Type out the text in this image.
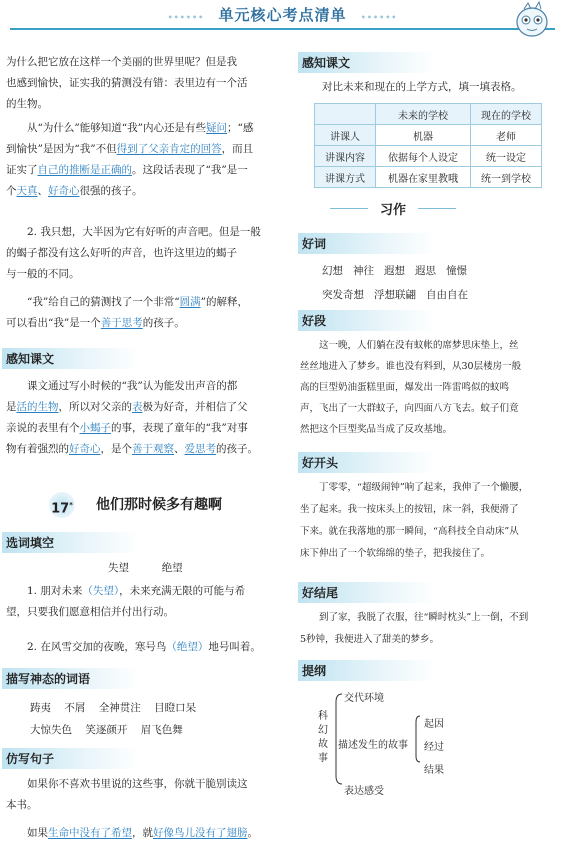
•••••• 单元核心考点清单 ••••••
为什么把它放在这样一个美丽的世界里呢？但是我
也感到愉快，证实我的猜测没有错：表里边有一个活
的生物。
从“为什么”能够知道“我”内心还是有些疑问；“感
到愉快”是因为“我”不但得到了父亲肯定的回答，而且
证实了自己的推断是正确的。这段话表现了“我”是一
个天真、好奇心很强的孩子。
2. 我只想，大半因为它有好听的声音吧。但是一般
的蝎子都没有这么好听的声音，也许这里边的蝎子
与一般的不同。
“我”给自己的猜测找了一个非常“圆满”的解释，
可以看出“我”是一个善于思考的孩子。
感知课文
课文通过写小时候的“我”认为能发出声音的都
是活的生物，所以对父亲的表极为好奇，并相信了父
亲说的表里有个小蝎子的事，表现了童年的“我”对事
物有着强烈的好奇心，是个善于观察、爱思考的孩子。
17* 他们那时候多有趣啊
选词填空
失望	绝望
1. 朋对未来（失望），未来充满无限的可能与希
望，只要我们愿意相信并付出行动。
2. 在风雪交加的夜晚，寒号鸟（绝望）地号叫着。
描写神态的词语
踌夷 不屑 全神贯注 目瞪口呆
大惊失色 笑逐颜开 眉飞色舞
仿写句子
如果你不喜欢书里说的这些事，你就干脆别读这
本书。
如果生命中没有了希望，就好像鸟儿没有了翅膀。
感知课文
对比未来和现在的上学方式，填一填表格。
	未来的学校	现在的学校
讲课人	机器	老师
讲课内容	依据每个人设定	统一设定
讲课方式	机器在家里教哦	统一到学校
习作
好词
幻想 神往 遐想 遐思 憧憬
突发奇想 浮想联翩 自由自在
好段
这一晚，人们躺在没有蚊帐的席梦思床垫上，丝
丝丝地进入了梦乡。谁也没有料到，从30层楼房一般
高的巨型奶油蛋糕里面，爆发出一阵雷鸣似的蚊鸣
声，飞出了一大群蚊子，向四面八方飞去。蚊子们竟
然把这个巨型奖品当成了反攻基地。
好开头
丁零零，“超级闹钟”响了起来，我伸了一个懒腰，
坐了起来。我一按床头上的按钮，床一斜，我便滑了
下来。就在我落地的那一瞬间，“高科技全自动床”从
床下伸出了一个软绵绵的垫子，把我接住了。
好结尾
到了家，我脱了衣服，往“瞬时枕头”上一倒，不到
5秒钟，我便进入了甜美的梦乡。
提纲
科
幻
故
事
交代环境
描述发生的故事
表达感受
起因
经过
结果
